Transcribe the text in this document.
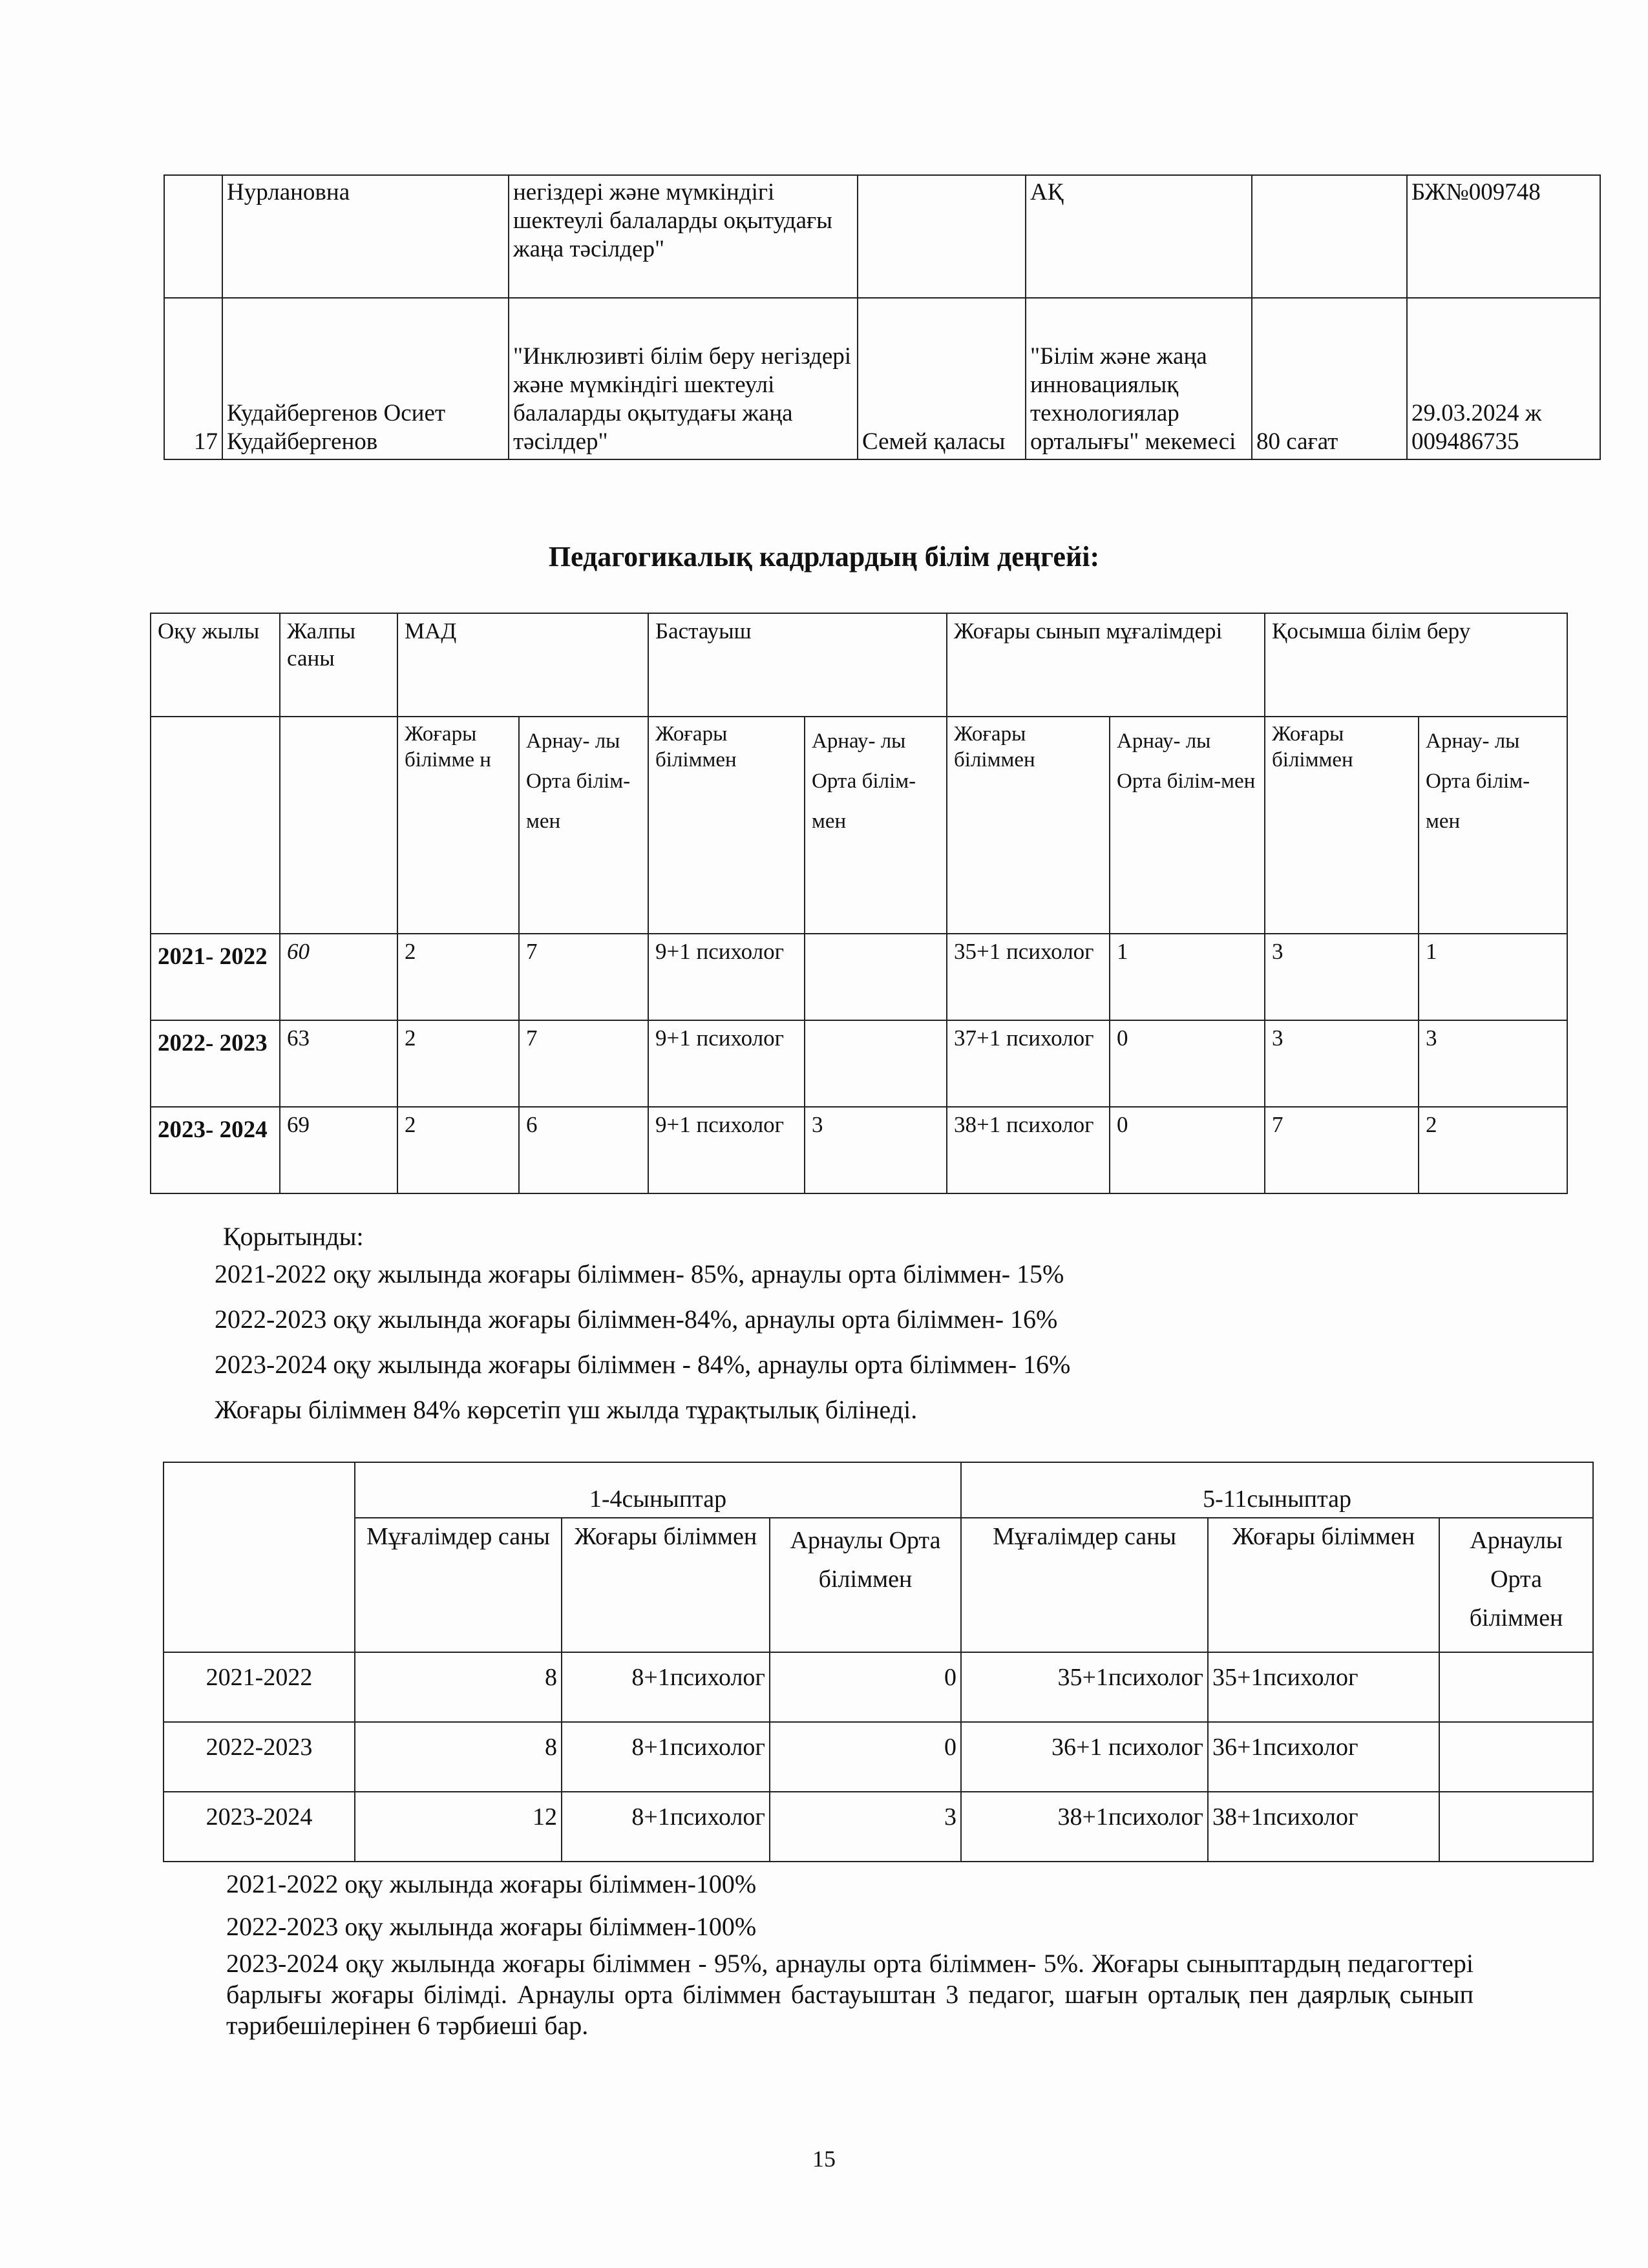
	Нурлановна	негіздері және мүмкіндігі шектеулі балаларды оқытудағы жаңа тәсілдер"		АҚ		БЖ№009748
17	Кудайбергенов Осиет Кудайбергенов	"Инклюзивті білім беру негіздері және мүмкіндігі шектеулі балаларды оқытудағы жаңа тәсілдер"	Семей қаласы	"Білім және жаңа инновациялық технологиялар орталығы" мекемесі	80 сағат	29.03.2024 ж 009486735
Педагогикалық кадрлардың білім деңгейі:
Оқу жылы	Жалпы саны	МАД		Бастауыш		Жоғары сынып мұғалімдері		Қосымша білім беру	
		Жоғары білімме н	Арнау- лы Орта білім- мен	Жоғары біліммен	Арнау- лы Орта білім- мен	Жоғары біліммен	Арнау- лы Орта білім-мен	Жоғары біліммен	Арнау- лы Орта білім- мен
2021- 2022	60	2	7	9+1 психолог		35+1 психолог	1	3	1
2022- 2023	63	2	7	9+1 психолог		37+1 психолог	0	3	3
2023- 2024	69	2	6	9+1 психолог	3	38+1 психолог	0	7	2
Қорытынды:
2021-2022 оқу жылында жоғары біліммен- 85%, арнаулы орта біліммен- 15%
2022-2023 оқу жылында жоғары біліммен-84%, арнаулы орта біліммен- 16%
2023-2024 оқу жылында жоғары біліммен - 84%, арнаулы орта біліммен- 16%
Жоғары біліммен 84% көрсетіп үш жылда тұрақтылық білінеді.
	1-4сыныптар			5-11сыныптар		
	Мұғалімдер саны	Жоғары біліммен	Арнаулы Орта біліммен	Мұғалімдер саны	Жоғары біліммен	Арнаулы Орта біліммен
2021-2022	8	8+1психолог	0	35+1психолог	35+1психолог	
2022-2023	8	8+1психолог	0	36+1 психолог	36+1психолог	
2023-2024	12	8+1психолог	3	38+1психолог	38+1психолог	
2021-2022 оқу жылында жоғары біліммен-100%
2022-2023 оқу жылында жоғары біліммен-100%
2023-2024 оқу жылында жоғары біліммен - 95%, арнаулы орта біліммен- 5%. Жоғары сыныптардың педагогтері барлығы жоғары білімді. Арнаулы орта біліммен бастауыштан 3 педагог, шағын орталық пен даярлық сынып тәрибешілерінен 6 тәрбиеші бар.
15
